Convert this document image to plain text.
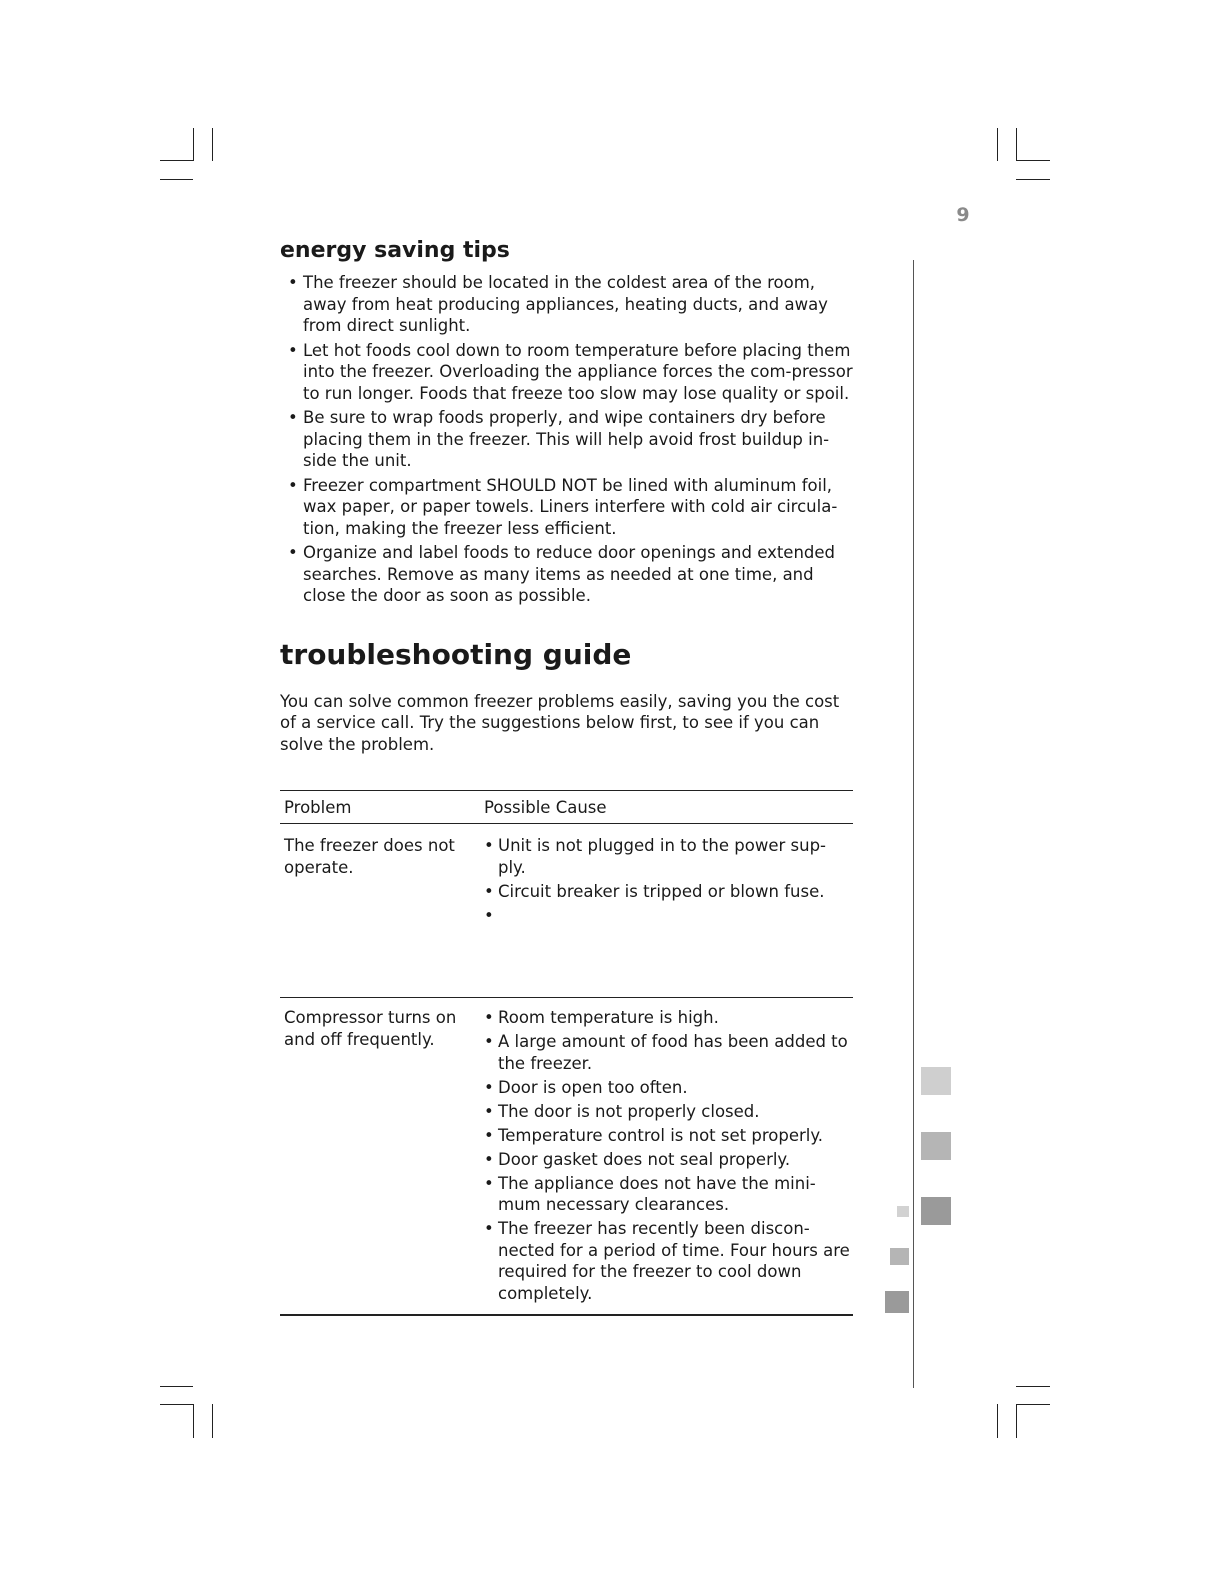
9
energy saving tips
• The freezer should be located in the coldest area of the room, away from heat producing appliances, heating ducts, and away from direct sunlight.
• Let hot foods cool down to room temperature before placing them into the freezer. Overloading the appliance forces the com-pressor to run longer. Foods that freeze too slow may lose quality or spoil.
• Be sure to wrap foods properly, and wipe containers dry before placing them in the freezer. This will help avoid frost buildup in-side the unit.
• Freezer compartment SHOULD NOT be lined with aluminum foil, wax paper, or paper towels. Liners interfere with cold air circula-tion, making the freezer less efficient.
• Organize and label foods to reduce door openings and extended searches. Remove as many items as needed at one time, and close the door as soon as possible.
troubleshooting guide

You can solve common freezer problems easily, saving you the cost of a service call. Try the suggestions below first, to see if you can solve the problem.

Problem	Possible Cause
The freezer does not operate.
• Unit is not plugged in to the power sup-ply.
• Circuit breaker is tripped or blown fuse.
•
Compressor turns on and off frequently.
• Room temperature is high.
• A large amount of food has been added to the freezer.
• Door is open too often.
• The door is not properly closed.
• Temperature control is not set properly.
• Door gasket does not seal properly.
• The appliance does not have the mini-mum necessary clearances.
• The freezer has recently been discon-nected for a period of time. Four hours are required for the freezer to cool down completely.
